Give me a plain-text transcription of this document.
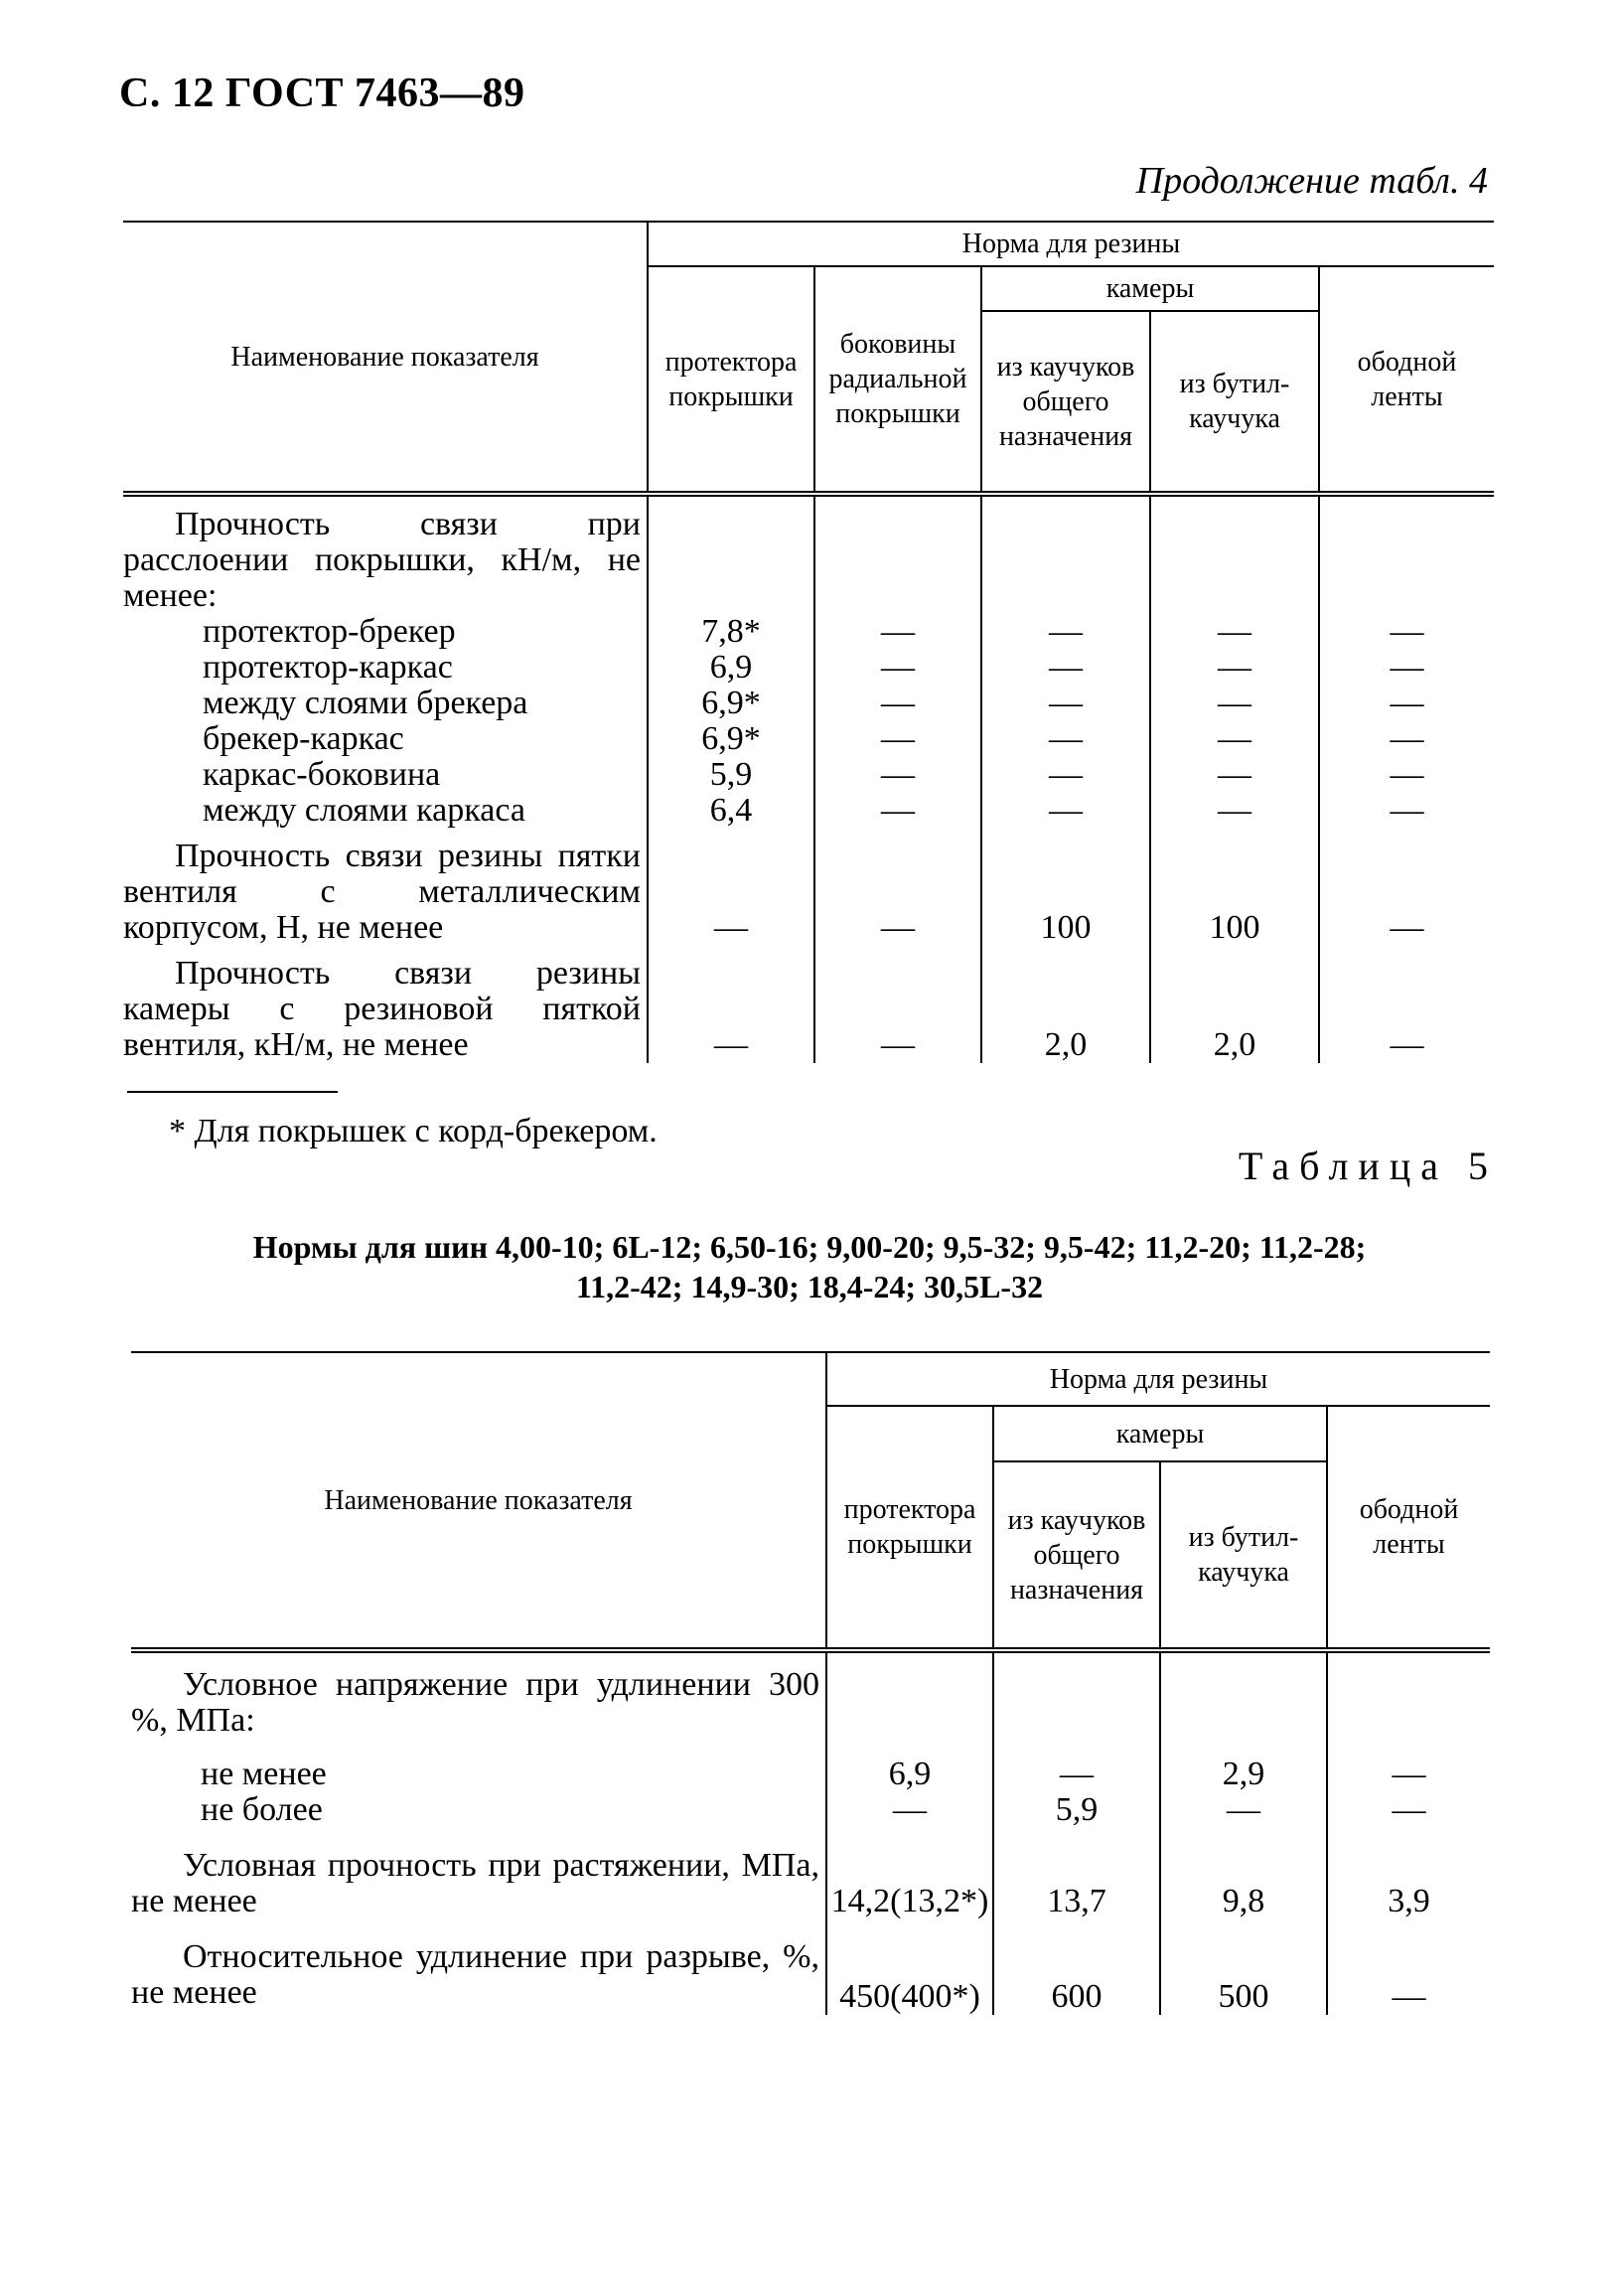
С. 12 ГОСТ 7463—89
Продолжение табл. 4
Наименование показателя	Норма для резины				
	протектора покрышки	боковины радиальной покрышки	камеры		ободной ленты
			из каучуков общего назначения	из бутил-каучука	
Прочность связи при расслоении покрышки, кН/м, не менее:					
протектор-брекер	7,8*	—	—	—	—
протектор-каркас	6,9	—	—	—	—
между слоями брекера	6,9*	—	—	—	—
брекер-каркас	6,9*	—	—	—	—
каркас-боковина	5,9	—	—	—	—
между слоями каркаса	6,4	—	—	—	—
Прочность связи резины пятки вентиля с металлическим корпусом, Н, не менее	—	—	100	100	—
Прочность связи резины камеры с резиновой пяткой вентиля, кН/м, не менее	—	—	2,0	2,0	—
* Для покрышек с корд-брекером.
Таблица 5
Нормы для шин 4,00-10; 6L-12; 6,50-16; 9,00-20; 9,5-32; 9,5-42; 11,2-20; 11,2-28;
11,2-42; 14,9-30; 18,4-24; 30,5L-32
Наименование показателя	Норма для резины			
	протектора покрышки	камеры		ободной ленты
		из каучуков общего назначения	из бутил-каучука	
Условное напряжение при удлинении 300 %, МПа:				
не менее	6,9	—	2,9	—
не более	—	5,9	—	—
Условная прочность при растяжении, МПа, не менее	14,2(13,2*)	13,7	9,8	3,9
Относительное удлинение при разрыве, %, не менее	450(400*)	600	500	—
